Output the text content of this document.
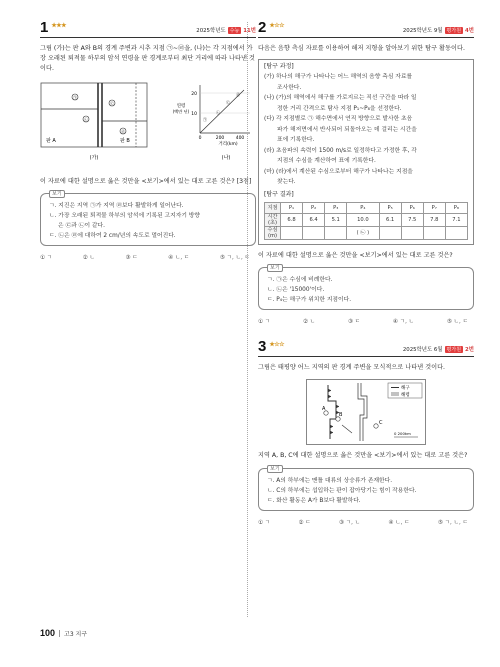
1 ★★★
2025학년도 수능 11번
그림 (가)는 판 A와 B의 경계 주변과 시추 지점 ㉠~㉣을, (나)는 각 지점에서 가장 오래된 퇴적물 하부의 암석 연령을 판 경계로부터 최단 거리에 따라 나타낸 것이다.
㉠
㉡
㉢
㉣
판 A	판 B
(가)
㉠
㉡
㉢
㉣
20
10
0	200	400
연령
(백만 년)
거리(km)
(나)
이 자료에 대한 설명으로 옳은 것만을 <보기>에서 있는 대로 고른 것은? [3점]
보기
ㄱ. 지진은 지역 ㉠가 지역 ㉣보다 활발하게 일어난다.
ㄴ. 가장 오래된 퇴적물 하부의 암석에 기록된 고지자기 방향
은 ㉢과 ㉡이 같다.
ㄷ. ㉡은 ㉣에 대하여 2 cm/년의 속도로 멀어진다.
① ㄱ	② ㄴ	③ ㄷ	④ ㄴ, ㄷ	⑤ ㄱ, ㄴ, ㄷ
2 ★☆☆
2025학년도 9월 평가원 4번
다음은 음향 측심 자료를 이용하여 해저 지형을 알아보기 위한 탐구 활동이다.
[탐구 과정]
(가) 하나의 해구가 나타나는 어느 해역의 음향 측심 자료를
조사한다.
(나) (가)의 해역에서 해구를 가로지르는 직선 구간을 따라 일
정한 거리 간격으로 탐사 지점 P₁~P₈을 선정한다.
(다) 각 지점별로 ㉠ 해수면에서 연직 방향으로 발사한 초음
파가 해저면에서 반사되어 되돌아오는 데 걸리는 시간을
표에 기록한다.
(라) 초음파의 속력이 1500 m/s로 일정하다고 가정한 후, 각
지점의 수심을 계산하여 표에 기록한다.
(마) (라)에서 계산된 수심으로부터 해구가 나타나는 지점을
찾는다.
[탐구 결과]
지점	P₁	P₂	P₃	P₄	P₅	P₆	P₇	P₈
시간
(초)	6.8	6.4	5.1	10.0	6.1	7.5	7.8	7.1
수심
(m)				( ㉡ )				
이 자료에 대한 설명으로 옳은 것만을 <보기>에서 있는 대로 고른 것은?
보기
ㄱ. ㉠은 수심에 비례한다.
ㄴ. ㉡은 '15000'이다.
ㄷ. P₄는 해구가 위치한 지점이다.
① ㄱ	② ㄴ	③ ㄷ	④ ㄱ, ㄴ	⑤ ㄴ, ㄷ
3 ★☆☆
2025학년도 6월 평가원 2번
그림은 태평양 어느 지역의 판 경계 주변을 모식적으로 나타낸 것이다.
A
B
C
해구
해령
0 200km
지역 A, B, C에 대한 설명으로 옳은 것만을 <보기>에서 있는 대로 고른 것은?
보기
ㄱ. A의 하부에는 맨틀 대류의 상승류가 존재한다.
ㄴ. C의 하부에는 섭입하는 판이 잡아당기는 힘이 작용한다.
ㄷ. 화산 활동은 A가 B보다 활발하다.
① ㄱ	② ㄷ	③ ㄱ, ㄴ	④ ㄴ, ㄷ	⑤ ㄱ, ㄴ, ㄷ
100 고3 지구
